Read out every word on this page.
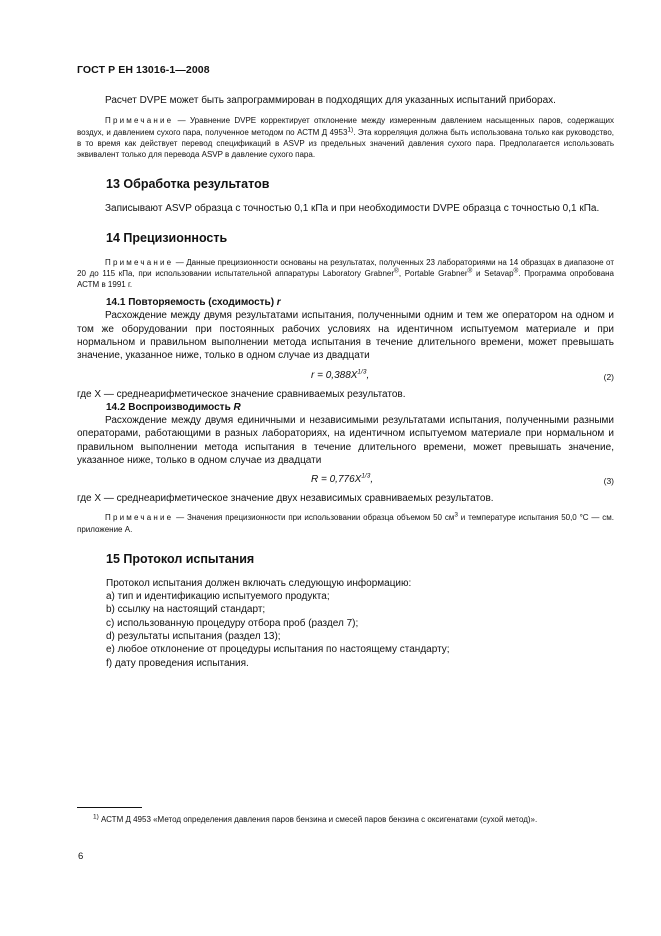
ГОСТ Р ЕН 13016-1—2008

Расчет DVPE может быть запрограммирован в подходящих для указанных испытаний приборах.

Примечание — Уравнение DVPE корректирует отклонение между измеренным давлением насыщенных паров, содержащих воздух, и давлением сухого пара, полученное методом по АСТМ Д 4953$^{1)}$. Эта корреляция должна быть использована только как руководство, в то время как действует перевод спецификаций в ASVP из предельных значений давления сухого пара. Предполагается использовать эквивалент только для перевода ASVP в давление сухого пара.

13 Обработка результатов

Записывают ASVP образца с точностью 0,1 кПа и при необходимости DVPE образца с точностью 0,1 кПа.

14 Прецизионность

Примечание — Данные прецизионности основаны на результатах, полученных 23 лабораториями на 14 образцах в диапазоне от 20 до 115 кПа, при использовании испытательной аппаратуры Laboratory Grabner®, Portable Grabner® и Setavap®. Программа опробована АСТМ в 1991 г.

14.1 Повторяемость (сходимость) r

Расхождение между двумя результатами испытания, полученными одним и тем же оператором на одном и том же оборудовании при постоянных рабочих условиях на идентичном испытуемом материале и при нормальном и правильном выполнении метода испытания в течение длительного времени, может превышать значение, указанное ниже, только в одном случае из двадцати

$r = 0,388X^{1/3}$,	(2)

где X — среднеарифметическое значение сравниваемых результатов.

14.2 Воспроизводимость R

Расхождение между двумя единичными и независимыми результатами испытания, полученными разными операторами, работающими в разных лабораториях, на идентичном испытуемом материале при нормальном и правильном выполнении метода испытания в течение длительного времени, может превышать значение, указанное ниже, только в одном случае из двадцати

$R = 0,776X^{1/3}$,	(3)

где X — среднеарифметическое значение двух независимых сравниваемых результатов.

Примечание — Значения прецизионности при использовании образца объемом 50 $см^3$ и температуре испытания 50,0 °С — см. приложение А.

15 Протокол испытания

Протокол испытания должен включать следующую информацию:

a) тип и идентификацию испытуемого продукта;

b) ссылку на настоящий стандарт;

c) использованную процедуру отбора проб (раздел 7);

d) результаты испытания (раздел 13);

e) любое отклонение от процедуры испытания по настоящему стандарту;

f) дату проведения испытания.

$^{1)}$ АСТМ Д 4953 «Метод определения давления паров бензина и смесей паров бензина с оксигенатами (сухой метод)».

6
